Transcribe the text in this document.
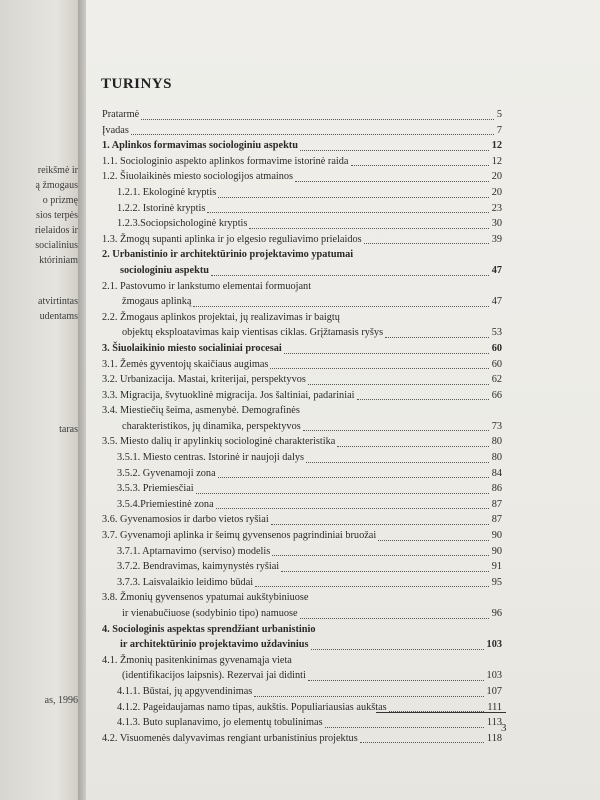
reikšmė ir
ą žmogaus
o prizmę
sios terpės
rielaidos ir
socialinius
któriniam
atvirtintas
udentams
taras
as, 1996
TURINYS
Pratarmė	5
Įvadas	7
1. Aplinkos formavimas sociologiniu aspektu	12
1.1. Sociologinio aspekto aplinkos formavime istorinė raida	12
1.2. Šiuolaikinės miesto sociologijos atmainos	20
1.2.1. Ekologinė kryptis	20
1.2.2. Istorinė kryptis	23
1.2.3.Sociopsichologinė kryptis	30
1.3. Žmogų supanti aplinka ir jo elgesio reguliavimo prielaidos	39
2. Urbanistinio ir architektūrinio projektavimo ypatumai
sociologiniu aspektu	47
2.1. Pastovumo ir lankstumo elementai formuojant
žmogaus aplinką	47
2.2. Žmogaus aplinkos projektai, jų realizavimas ir baigtų
objektų eksploatavimas kaip vientisas ciklas. Grįžtamasis ryšys	53
3. Šiuolaikinio miesto socialiniai procesai	60
3.1. Žemės gyventojų skaičiaus augimas	60
3.2. Urbanizacija. Mastai, kriterijai, perspektyvos	62
3.3. Migracija, švytuoklinė migracija. Jos šaltiniai, padariniai	66
3.4. Miestiečių šeima, asmenybė. Demografinės
charakteristikos, jų dinamika, perspektyvos	73
3.5. Miesto dalių ir apylinkių sociologinė charakteristika	80
3.5.1. Miesto centras. Istorinė ir naujoji dalys	80
3.5.2. Gyvenamoji zona	84
3.5.3. Priemiesčiai	86
3.5.4.Priemiestinė zona	87
3.6. Gyvenamosios ir darbo vietos ryšiai	87
3.7. Gyvenamoji aplinka ir šeimų gyvensenos pagrindiniai bruožai	90
3.7.1. Aptarnavimo (serviso) modelis	90
3.7.2. Bendravimas, kaimynystės ryšiai	91
3.7.3. Laisvalaikio leidimo būdai	95
3.8. Žmonių gyvensenos ypatumai aukštybiniuose
ir vienabučiuose (sodybinio tipo) namuose	96
4. Sociologinis aspektas sprendžiant urbanistinio
ir architektūrinio projektavimo uždavinius	103
4.1. Žmonių pasitenkinimas gyvenamąja vieta
(identifikacijos laipsnis). Rezervai jai didinti	103
4.1.1. Būstai, jų apgyvendinimas	107
4.1.2. Pageidaujamas namo tipas, aukštis. Populiariausias aukštas	111
4.1.3. Buto suplanavimo, jo elementų tobulinimas	113
4.2. Visuomenės dalyvavimas rengiant urbanistinius projektus	118
3
